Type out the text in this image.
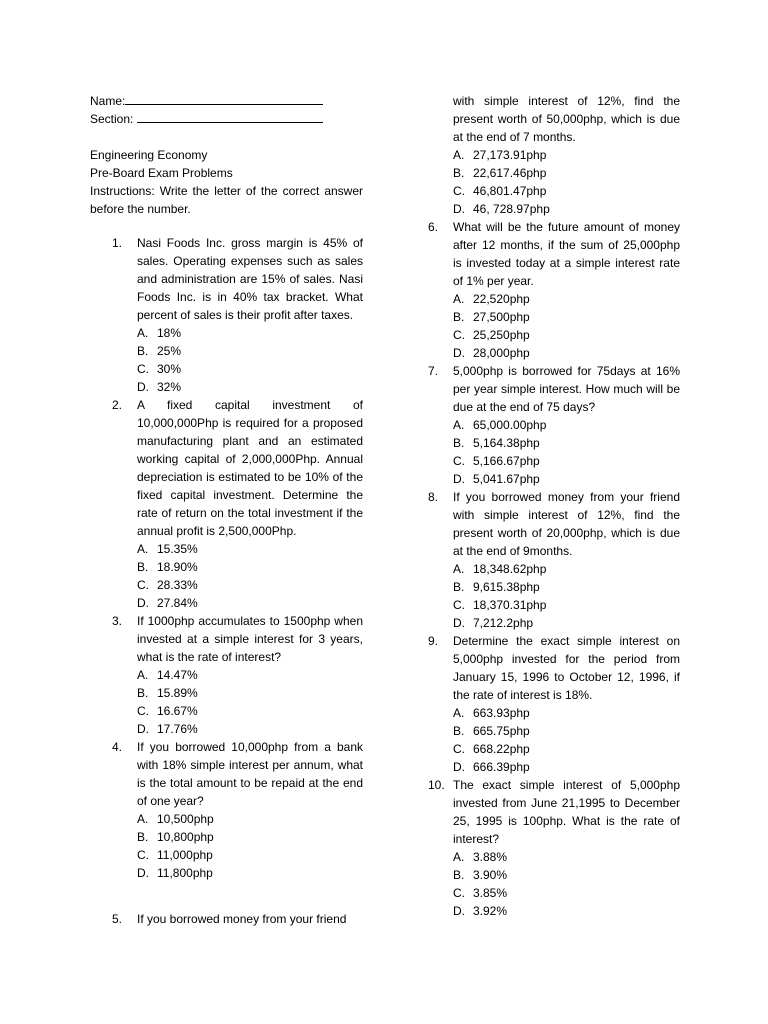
Name:
Section:
Engineering Economy
Pre-Board Exam Problems
Instructions: Write the letter of the correct answer before the number.
1. Nasi Foods Inc. gross margin is 45% of sales. Operating expenses such as sales and administration are 15% of sales. Nasi Foods Inc. is in 40% tax bracket. What percent of sales is their profit after taxes.
A. 18%
B. 25%
C. 30%
D. 32%
2. A fixed capital investment of 10,000,000Php is required for a proposed manufacturing plant and an estimated working capital of 2,000,000Php. Annual depreciation is estimated to be 10% of the fixed capital investment. Determine the rate of return on the total investment if the annual profit is 2,500,000Php.
A. 15.35%
B. 18.90%
C. 28.33%
D. 27.84%
3. If 1000php accumulates to 1500php when invested at a simple interest for 3 years, what is the rate of interest?
A. 14.47%
B. 15.89%
C. 16.67%
D. 17.76%
4. If you borrowed 10,000php from a bank with 18% simple interest per annum, what is the total amount to be repaid at the end of one year?
A. 10,500php
B. 10,800php
C. 11,000php
D. 11,800php
5. If you borrowed money from your friend
with simple interest of 12%, find the present worth of 50,000php, which is due at the end of 7 months.
A. 27,173.91php
B. 22,617.46php
C. 46,801.47php
D. 46, 728.97php
6. What will be the future amount of money after 12 months, if the sum of 25,000php is invested today at a simple interest rate of 1% per year.
A. 22,520php
B. 27,500php
C. 25,250php
D. 28,000php
7. 5,000php is borrowed for 75days at 16% per year simple interest. How much will be due at the end of 75 days?
A. 65,000.00php
B. 5,164.38php
C. 5,166.67php
D. 5,041.67php
8. If you borrowed money from your friend with simple interest of 12%, find the present worth of 20,000php, which is due at the end of 9months.
A. 18,348.62php
B. 9,615.38php
C. 18,370.31php
D. 7,212.2php
9. Determine the exact simple interest on 5,000php invested for the period from January 15, 1996 to October 12, 1996, if the rate of interest is 18%.
A. 663.93php
B. 665.75php
C. 668.22php
D. 666.39php
10. The exact simple interest of 5,000php invested from June 21,1995 to December 25, 1995 is 100php. What is the rate of interest?
A. 3.88%
B. 3.90%
C. 3.85%
D. 3.92%
